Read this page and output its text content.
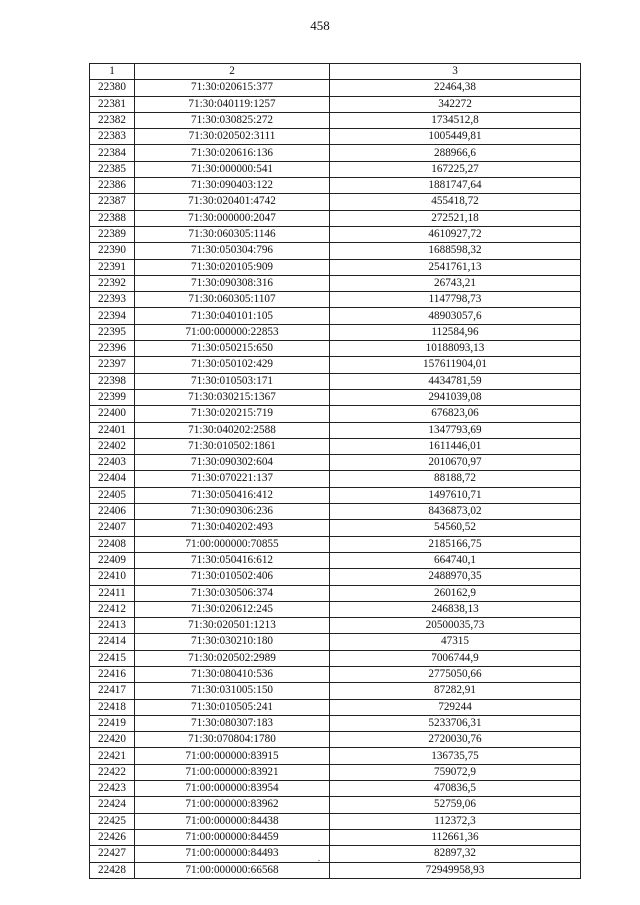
458
1	2	3
22380	71:30:020615:377	22464,38
22381	71:30:040119:1257	342272
22382	71:30:030825:272	1734512,8
22383	71:30:020502:3111	1005449,81
22384	71:30:020616:136	288966,6
22385	71:30:000000:541	167225,27
22386	71:30:090403:122	1881747,64
22387	71:30:020401:4742	455418,72
22388	71:30:000000:2047	272521,18
22389	71:30:060305:1146	4610927,72
22390	71:30:050304:796	1688598,32
22391	71:30:020105:909	2541761,13
22392	71:30:090308:316	26743,21
22393	71:30:060305:1107	1147798,73
22394	71:30:040101:105	48903057,6
22395	71:00:000000:22853	112584,96
22396	71:30:050215:650	10188093,13
22397	71:30:050102:429	157611904,01
22398	71:30:010503:171	4434781,59
22399	71:30:030215:1367	2941039,08
22400	71:30:020215:719	676823,06
22401	71:30:040202:2588	1347793,69
22402	71:30:010502:1861	1611446,01
22403	71:30:090302:604	2010670,97
22404	71:30:070221:137	88188,72
22405	71:30:050416:412	1497610,71
22406	71:30:090306:236	8436873,02
22407	71:30:040202:493	54560,52
22408	71:00:000000:70855	2185166,75
22409	71:30:050416:612	664740,1
22410	71:30:010502:406	2488970,35
22411	71:30:030506:374	260162,9
22412	71:30:020612:245	246838,13
22413	71:30:020501:1213	20500035,73
22414	71:30:030210:180	47315
22415	71:30:020502:2989	7006744,9
22416	71:30:080410:536	2775050,66
22417	71:30:031005:150	87282,91
22418	71:30:010505:241	729244
22419	71:30:080307:183	5233706,31
22420	71:30:070804:1780	2720030,76
22421	71:00:000000:83915	136735,75
22422	71:00:000000:83921	759072,9
22423	71:00:000000:83954	470836,5
22424	71:00:000000:83962	52759,06
22425	71:00:000000:84438	112372,3
22426	71:00:000000:84459	112661,36
22427	71:00:000000:84493	82897,32
22428	71:00:000000:66568	72949958,93
